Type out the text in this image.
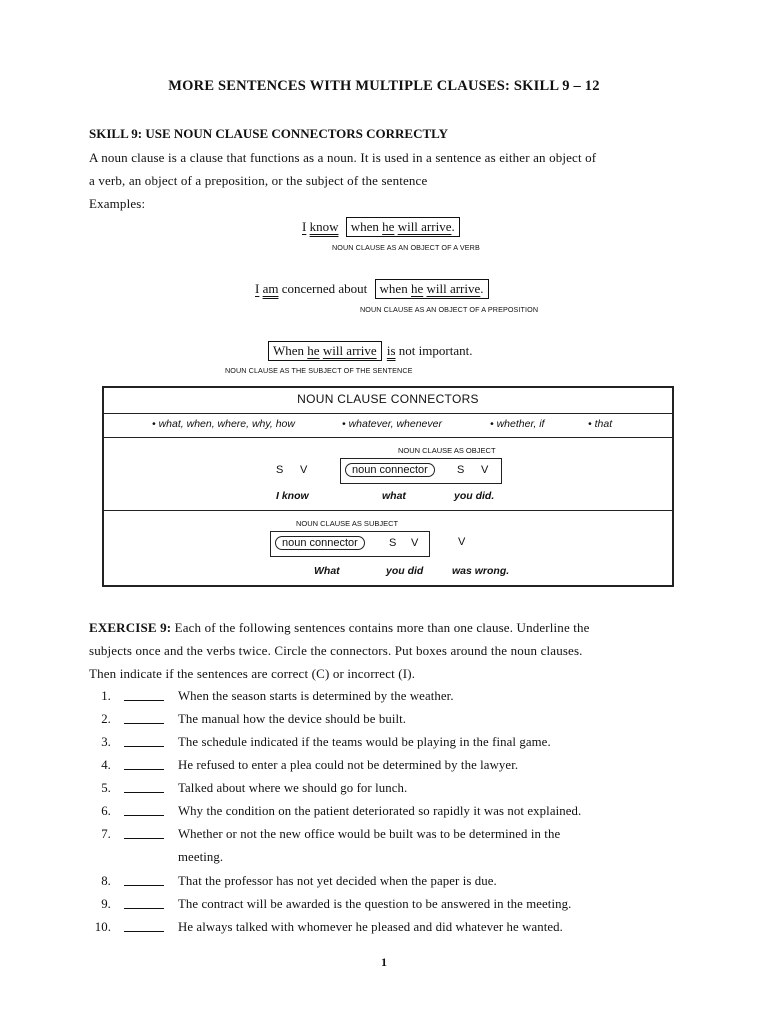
MORE SENTENCES WITH MULTIPLE CLAUSES: SKILL 9 – 12
SKILL 9: USE NOUN CLAUSE CONNECTORS CORRECTLY
A noun clause is a clause that functions as a noun. It is used in a sentence as either an object of
a verb, an object of a preposition, or the subject of the sentence
Examples:
I know when he will arrive.
NOUN CLAUSE AS AN OBJECT OF A VERB
I am concerned about when he will arrive.
NOUN CLAUSE AS AN OBJECT OF A PREPOSITION
When he will arrive is not important.
NOUN CLAUSE AS THE SUBJECT OF THE SENTENCE
NOUN CLAUSE CONNECTORS
• what, when, where, why, how	• whatever, whenever	• whether, if	• that
NOUN CLAUSE AS OBJECT
S V	noun connector	S V
I know	what	you did.
NOUN CLAUSE AS SUBJECT
noun connector	S V	V
What	you did	was wrong.
EXERCISE 9: Each of the following sentences contains more than one clause. Underline the
subjects once and the verbs twice. Circle the connectors. Put boxes around the noun clauses.
Then indicate if the sentences are correct (C) or incorrect (I).
1.	When the season starts is determined by the weather.
2.	The manual how the device should be built.
3.	The schedule indicated if the teams would be playing in the final game.
4.	He refused to enter a plea could not be determined by the lawyer.
5.	Talked about where we should go for lunch.
6.	Why the condition on the patient deteriorated so rapidly it was not explained.
7.	Whether or not the new office would be built was to be determined in the
meeting.
8.	That the professor has not yet decided when the paper is due.
9.	The contract will be awarded is the question to be answered in the meeting.
10.	He always talked with whomever he pleased and did whatever he wanted.
1
